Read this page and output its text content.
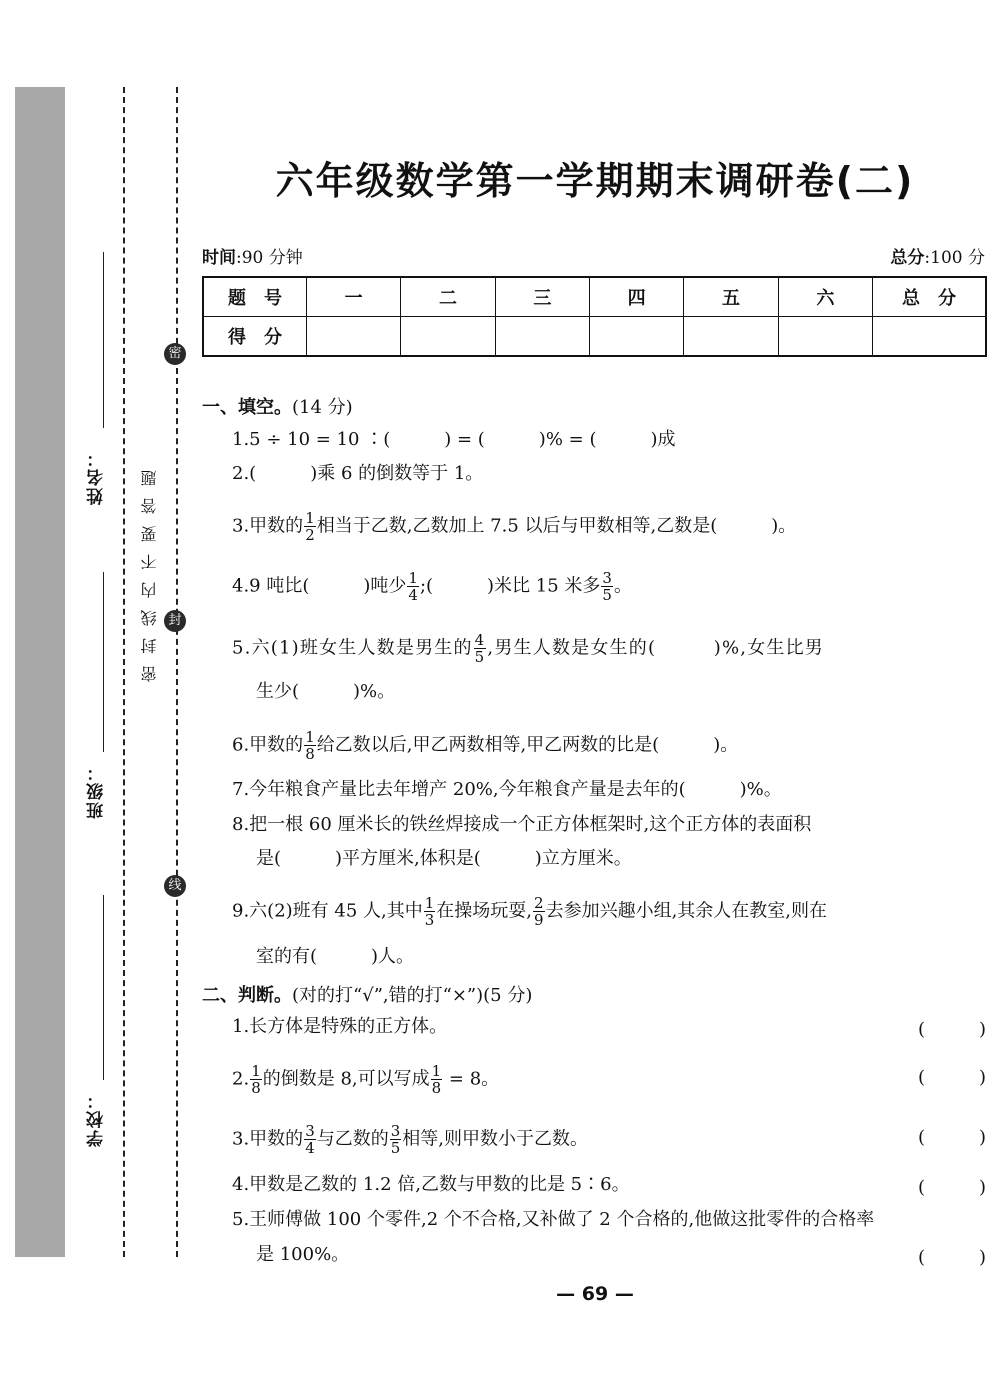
密
封
线
姓名：
班级：
学校：
密封线内不要答题
六年级数学第一学期期末调研卷(二)
时间:90 分钟	总分:100 分
题　号	一	二	三	四	五	六	总　分
得　分							
一、填空。(14 分)
1.5 ÷ 10 = 10 ∶(　　　) = (　　　)% = (　　　)成
2.(　　　)乘 6 的倒数等于 1。
3.甲数的 $\frac{1}{2}$ 相当于乙数,乙数加上 7.5 以后与甲数相等,乙数是(　　　)。
4.9 吨比(　　　)吨少 $\frac{1}{4}$ ;(　　　)米比 15 米多 $\frac{3}{5}$ 。
5.六(1)班女生人数是男生的 $\frac{4}{5}$ ,男生人数是女生的(　　　)%,女生比男
生少(　　　)%。
6.甲数的 $\frac{1}{8}$ 给乙数以后,甲乙两数相等,甲乙两数的比是(　　　)。
7.今年粮食产量比去年增产 20%,今年粮食产量是去年的(　　　)%。
8.把一根 60 厘米长的铁丝焊接成一个正方体框架时,这个正方体的表面积
是(　　　)平方厘米,体积是(　　　)立方厘米。
9.六(2)班有 45 人,其中 $\frac{1}{3}$ 在操场玩耍, $\frac{2}{9}$ 去参加兴趣小组,其余人在教室,则在
室的有(　　　)人。
二、判断。(对的打“√”,错的打“×”)(5 分)
1.长方体是特殊的正方体。	(　　　)
2. $\frac{1}{8}$ 的倒数是 8,可以写成 $\frac{1}{8} = 8$。	(　　　)
3.甲数的 $\frac{3}{4}$ 与乙数的 $\frac{3}{5}$ 相等,则甲数小于乙数。	(　　　)
4.甲数是乙数的 1.2 倍,乙数与甲数的比是 5∶6。	(　　　)
5.王师傅做 100 个零件,2 个不合格,又补做了 2 个合格的,他做这批零件的合格率
是 100%。	(　　　)
— 69 —
